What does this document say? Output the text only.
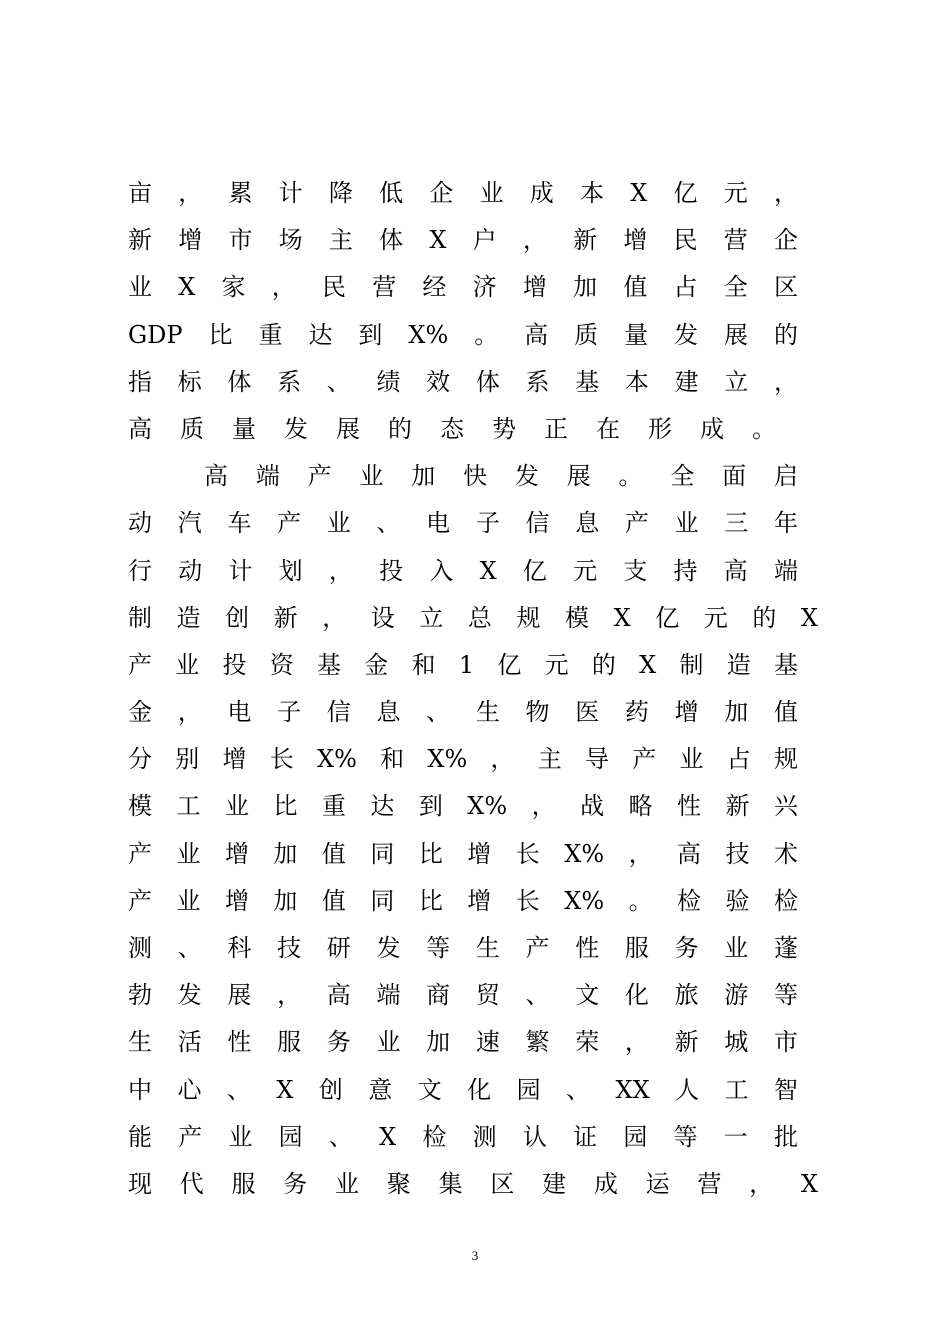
亩，累计降低企业成本X亿元，
新增市场主体X户，新增民营企
业X家，民营经济增加值占全区
GDP比重达到X%。高质量发展的
指标体系、绩效体系基本建立，
高质量发展的态势正在形成。
高端产业加快发展。全面启
动汽车产业、电子信息产业三年
行动计划，投入X亿元支持高端
制造创新，设立总规模X亿元的X
产业投资基金和1亿元的X制造基
金，电子信息、生物医药增加值
分别增长X%和X%，主导产业占规
模工业比重达到X%，战略性新兴
产业增加值同比增长X%，高技术
产业增加值同比增长X%。检验检
测、科技研发等生产性服务业蓬
勃发展，高端商贸、文化旅游等
生活性服务业加速繁荣，新城市
中心、X创意文化园、XX人工智
能产业园、X检测认证园等一批
现代服务业聚集区建成运营，X
3
